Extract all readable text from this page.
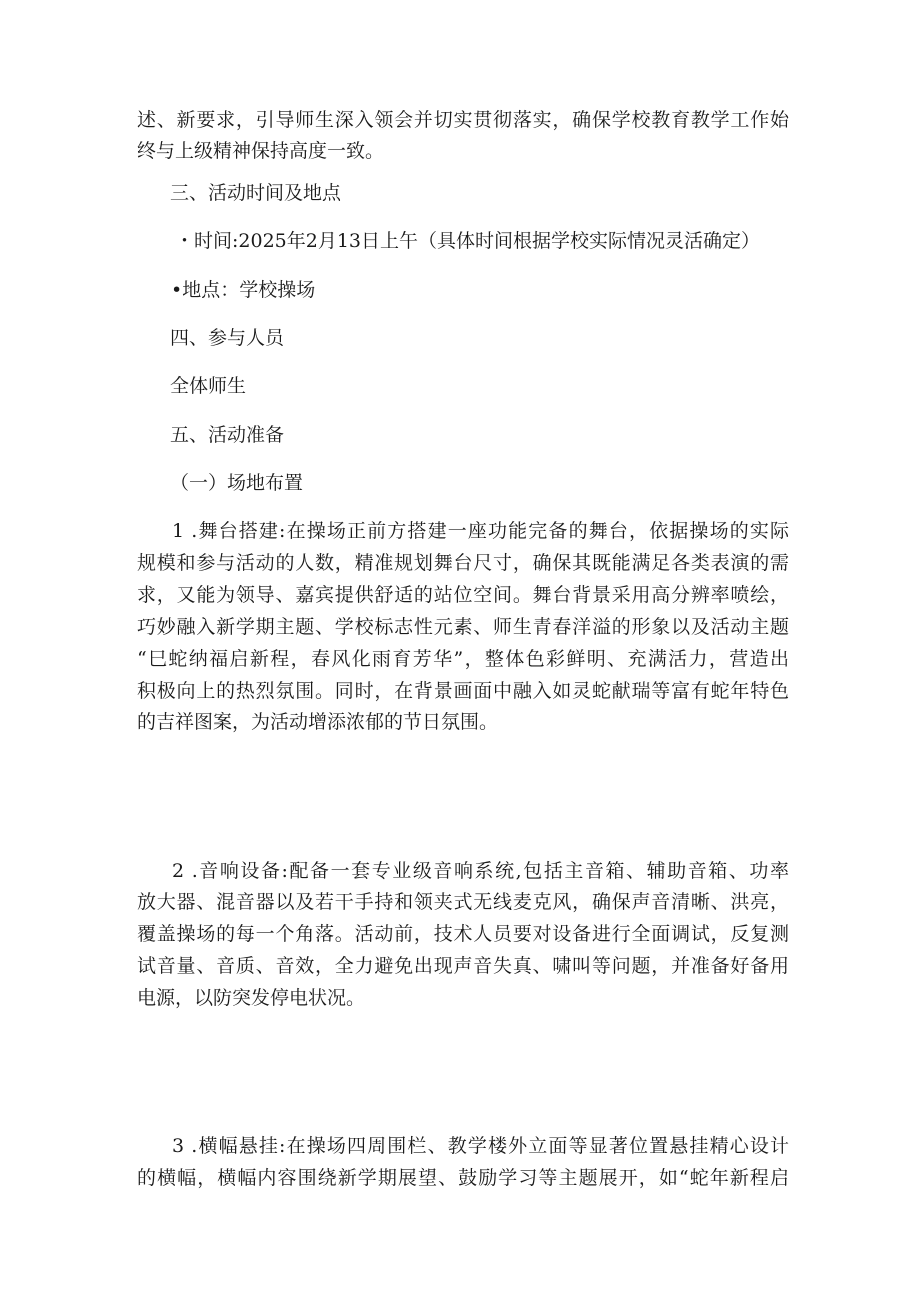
述、新要求，引导师生深入领会并切实贯彻落实，确保学校教育教学工作始
终与上级精神保持高度一致。
三、活动时间及地点
・时间:2025年2月13日上午（具体时间根据学校实际情况灵活确定）
•地点：学校操场
四、参与人员
全体师生
五、活动准备
（一）场地布置
1 .舞台搭建:在操场正前方搭建一座功能完备的舞台，依据操场的实际
规模和参与活动的人数，精准规划舞台尺寸，确保其既能满足各类表演的需
求，又能为领导、嘉宾提供舒适的站位空间。舞台背景采用高分辨率喷绘，
巧妙融入新学期主题、学校标志性元素、师生青春洋溢的形象以及活动主题
“巳蛇纳福启新程，春风化雨育芳华”，整体色彩鲜明、充满活力，营造出
积极向上的热烈氛围。同时，在背景画面中融入如灵蛇献瑞等富有蛇年特色
的吉祥图案，为活动增添浓郁的节日氛围。
2 .音响设备:配备一套专业级音响系统,包括主音箱、辅助音箱、功率
放大器、混音器以及若干手持和领夹式无线麦克风，确保声音清晰、洪亮，
覆盖操场的每一个角落。活动前，技术人员要对设备进行全面调试，反复测
试音量、音质、音效，全力避免出现声音失真、啸叫等问题，并准备好备用
电源，以防突发停电状况。
3 .横幅悬挂:在操场四周围栏、教学楼外立面等显著位置悬挂精心设计
的横幅，横幅内容围绕新学期展望、鼓励学习等主题展开，如“蛇年新程启
